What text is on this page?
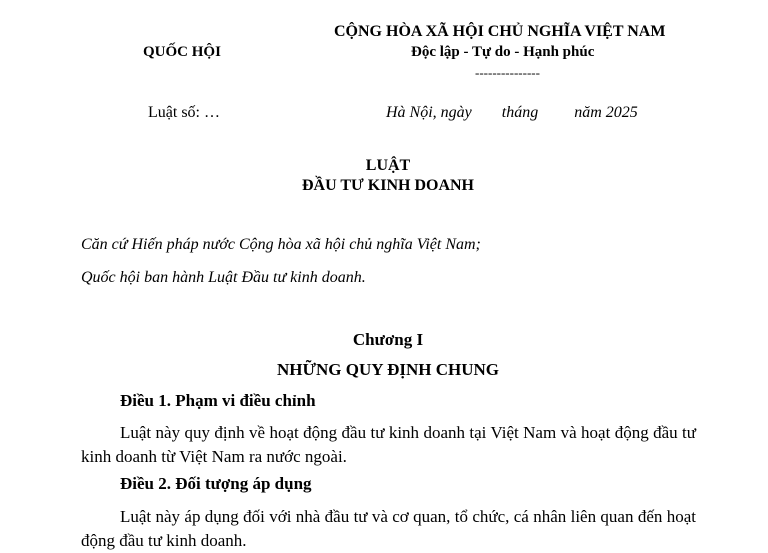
QUỐC HỘI
CỘNG HÒA XÃ HỘI CHỦ NGHĨA VIỆT NAM
Độc lập - Tự do - Hạnh phúc
---------------
Luật số: …	Hà Nội, ngày tháng năm 2025
LUẬT
ĐẦU TƯ KINH DOANH
Căn cứ Hiến pháp nước Cộng hòa xã hội chủ nghĩa Việt Nam;
Quốc hội ban hành Luật Đầu tư kinh doanh.
Chương I
NHỮNG QUY ĐỊNH CHUNG
Điều 1. Phạm vi điều chỉnh
Luật này quy định về hoạt động đầu tư kinh doanh tại Việt Nam và hoạt động đầu tư kinh doanh từ Việt Nam ra nước ngoài.
Điều 2. Đối tượng áp dụng
Luật này áp dụng đối với nhà đầu tư và cơ quan, tổ chức, cá nhân liên quan đến hoạt động đầu tư kinh doanh.
